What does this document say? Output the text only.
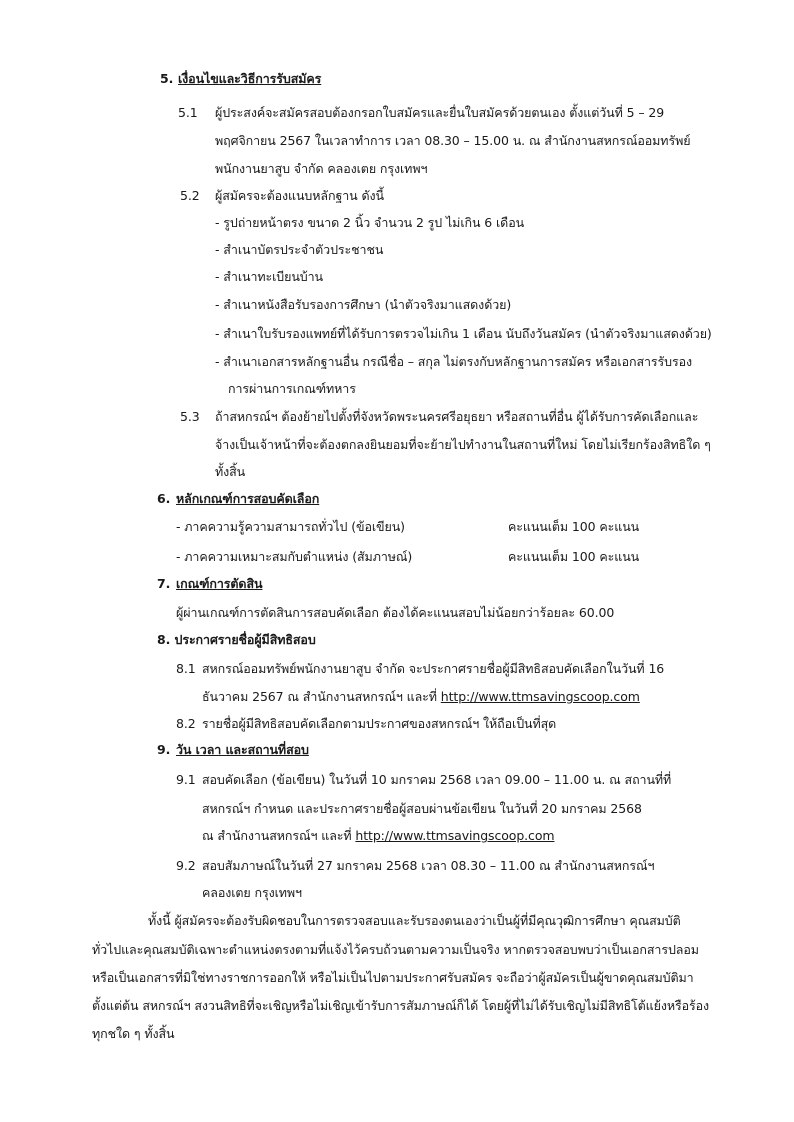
5. เงื่อนไขและวิธีการรับสมัคร
5.1 ผู้ประสงค์จะสมัครสอบต้องกรอกใบสมัครและยื่นใบสมัครด้วยตนเอง ตั้งแต่วันที่ 5 – 29
พฤศจิกายน 2567 ในเวลาทำการ เวลา 08.30 – 15.00 น. ณ สำนักงานสหกรณ์ออมทรัพย์
พนักงานยาสูบ จำกัด คลองเตย กรุงเทพฯ
5.2 ผู้สมัครจะต้องแนบหลักฐาน ดังนี้
- รูปถ่ายหน้าตรง ขนาด 2 นิ้ว จำนวน 2 รูป ไม่เกิน 6 เดือน
- สำเนาบัตรประจำตัวประชาชน
- สำเนาทะเบียนบ้าน
- สำเนาหนังสือรับรองการศึกษา (นำตัวจริงมาแสดงด้วย)
- สำเนาใบรับรองแพทย์ที่ได้รับการตรวจไม่เกิน 1 เดือน นับถึงวันสมัคร (นำตัวจริงมาแสดงด้วย)
- สำเนาเอกสารหลักฐานอื่น กรณีชื่อ – สกุล ไม่ตรงกับหลักฐานการสมัคร หรือเอกสารรับรอง
การผ่านการเกณฑ์ทหาร
5.3 ถ้าสหกรณ์ฯ ต้องย้ายไปตั้งที่จังหวัดพระนครศรีอยุธยา หรือสถานที่อื่น ผู้ได้รับการคัดเลือกและ
จ้างเป็นเจ้าหน้าที่จะต้องตกลงยินยอมที่จะย้ายไปทำงานในสถานที่ใหม่ โดยไม่เรียกร้องสิทธิใด ๆ
ทั้งสิ้น
6. หลักเกณฑ์การสอบคัดเลือก
- ภาคความรู้ความสามารถทั่วไป (ข้อเขียน)	คะแนนเต็ม 100 คะแนน
- ภาคความเหมาะสมกับตำแหน่ง (สัมภาษณ์)	คะแนนเต็ม 100 คะแนน
7. เกณฑ์การตัดสิน
ผู้ผ่านเกณฑ์การตัดสินการสอบคัดเลือก ต้องได้คะแนนสอบไม่น้อยกว่าร้อยละ 60.00
8. ประกาศรายชื่อผู้มีสิทธิสอบ
8.1 สหกรณ์ออมทรัพย์พนักงานยาสูบ จำกัด จะประกาศรายชื่อผู้มีสิทธิสอบคัดเลือกในวันที่ 16
ธันวาคม 2567 ณ สำนักงานสหกรณ์ฯ และที่ http://www.ttmsavingscoop.com
8.2 รายชื่อผู้มีสิทธิสอบคัดเลือกตามประกาศของสหกรณ์ฯ ให้ถือเป็นที่สุด
9. วัน เวลา และสถานที่สอบ
9.1 สอบคัดเลือก (ข้อเขียน) ในวันที่ 10 มกราคม 2568 เวลา 09.00 – 11.00 น. ณ สถานที่ที่
สหกรณ์ฯ กำหนด และประกาศรายชื่อผู้สอบผ่านข้อเขียน ในวันที่ 20 มกราคม 2568
ณ สำนักงานสหกรณ์ฯ และที่ http://www.ttmsavingscoop.com
9.2 สอบสัมภาษณ์ในวันที่ 27 มกราคม 2568 เวลา 08.30 – 11.00 ณ สำนักงานสหกรณ์ฯ
คลองเตย กรุงเทพฯ
ทั้งนี้ ผู้สมัครจะต้องรับผิดชอบในการตรวจสอบและรับรองตนเองว่าเป็นผู้ที่มีคุณวุฒิการศึกษา คุณสมบัติ
ทั่วไปและคุณสมบัติเฉพาะตำแหน่งตรงตามที่แจ้งไว้ครบถ้วนตามความเป็นจริง หากตรวจสอบพบว่าเป็นเอกสารปลอม
หรือเป็นเอกสารที่มิใช่ทางราชการออกให้ หรือไม่เป็นไปตามประกาศรับสมัคร จะถือว่าผู้สมัครเป็นผู้ขาดคุณสมบัติมา
ตั้งแต่ต้น สหกรณ์ฯ สงวนสิทธิที่จะเชิญหรือไม่เชิญเข้ารับการสัมภาษณ์ก็ได้ โดยผู้ที่ไม่ได้รับเชิญไม่มีสิทธิโต้แย้งหรือร้อง
ทุกชใด ๆ ทั้งสิ้น
